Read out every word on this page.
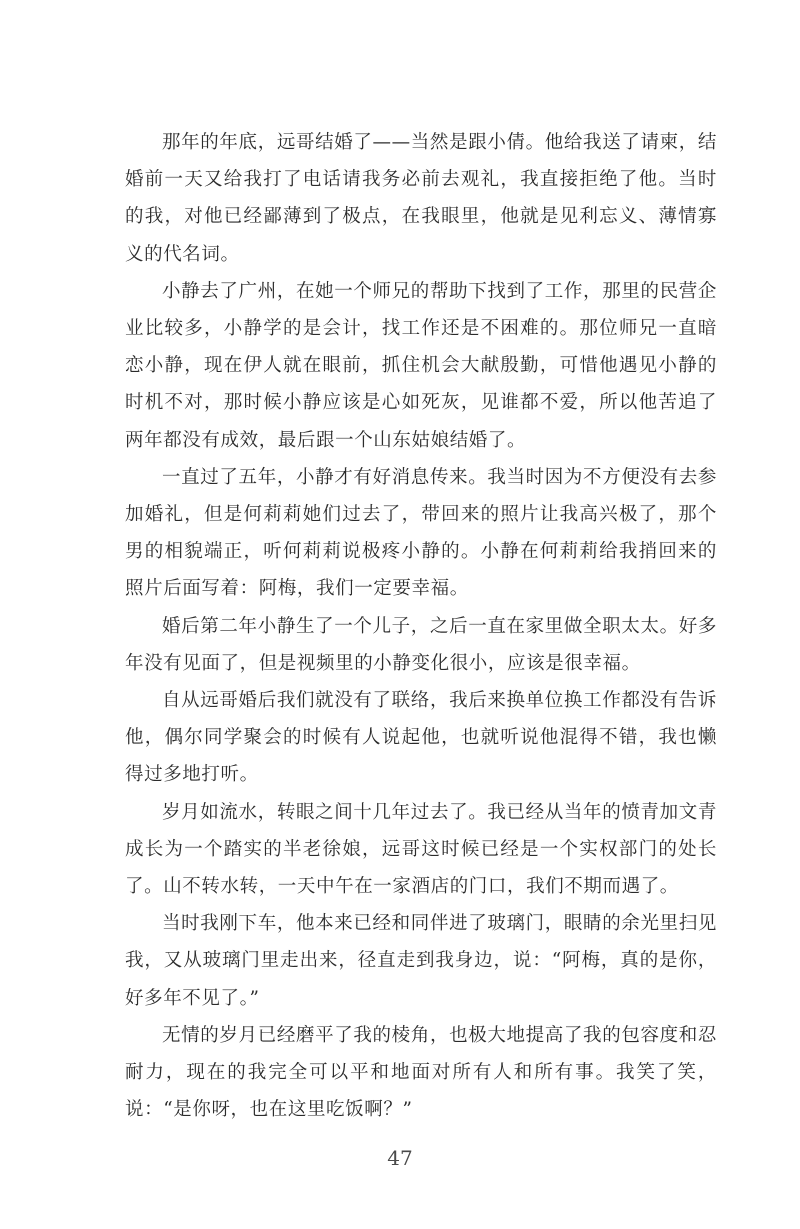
那年的年底，远哥结婚了——当然是跟小倩。他给我送了请柬，结婚前一天又给我打了电话请我务必前去观礼，我直接拒绝了他。当时的我，对他已经鄙薄到了极点，在我眼里，他就是见利忘义、薄情寡义的代名词。

小静去了广州，在她一个师兄的帮助下找到了工作，那里的民营企业比较多，小静学的是会计，找工作还是不困难的。那位师兄一直暗恋小静，现在伊人就在眼前，抓住机会大献殷勤，可惜他遇见小静的时机不对，那时候小静应该是心如死灰，见谁都不爱，所以他苦追了两年都没有成效，最后跟一个山东姑娘结婚了。

一直过了五年，小静才有好消息传来。我当时因为不方便没有去参加婚礼，但是何莉莉她们过去了，带回来的照片让我高兴极了，那个男的相貌端正，听何莉莉说极疼小静的。小静在何莉莉给我捎回来的照片后面写着：阿梅，我们一定要幸福。

婚后第二年小静生了一个儿子，之后一直在家里做全职太太。好多年没有见面了，但是视频里的小静变化很小，应该是很幸福。

自从远哥婚后我们就没有了联络，我后来换单位换工作都没有告诉他，偶尔同学聚会的时候有人说起他，也就听说他混得不错，我也懒得过多地打听。

岁月如流水，转眼之间十几年过去了。我已经从当年的愤青加文青成长为一个踏实的半老徐娘，远哥这时候已经是一个实权部门的处长了。山不转水转，一天中午在一家酒店的门口，我们不期而遇了。

当时我刚下车，他本来已经和同伴进了玻璃门，眼睛的余光里扫见我，又从玻璃门里走出来，径直走到我身边，说：“阿梅，真的是你，好多年不见了。”

无情的岁月已经磨平了我的棱角，也极大地提高了我的包容度和忍耐力，现在的我完全可以平和地面对所有人和所有事。我笑了笑，说：“是你呀，也在这里吃饭啊？”

47
